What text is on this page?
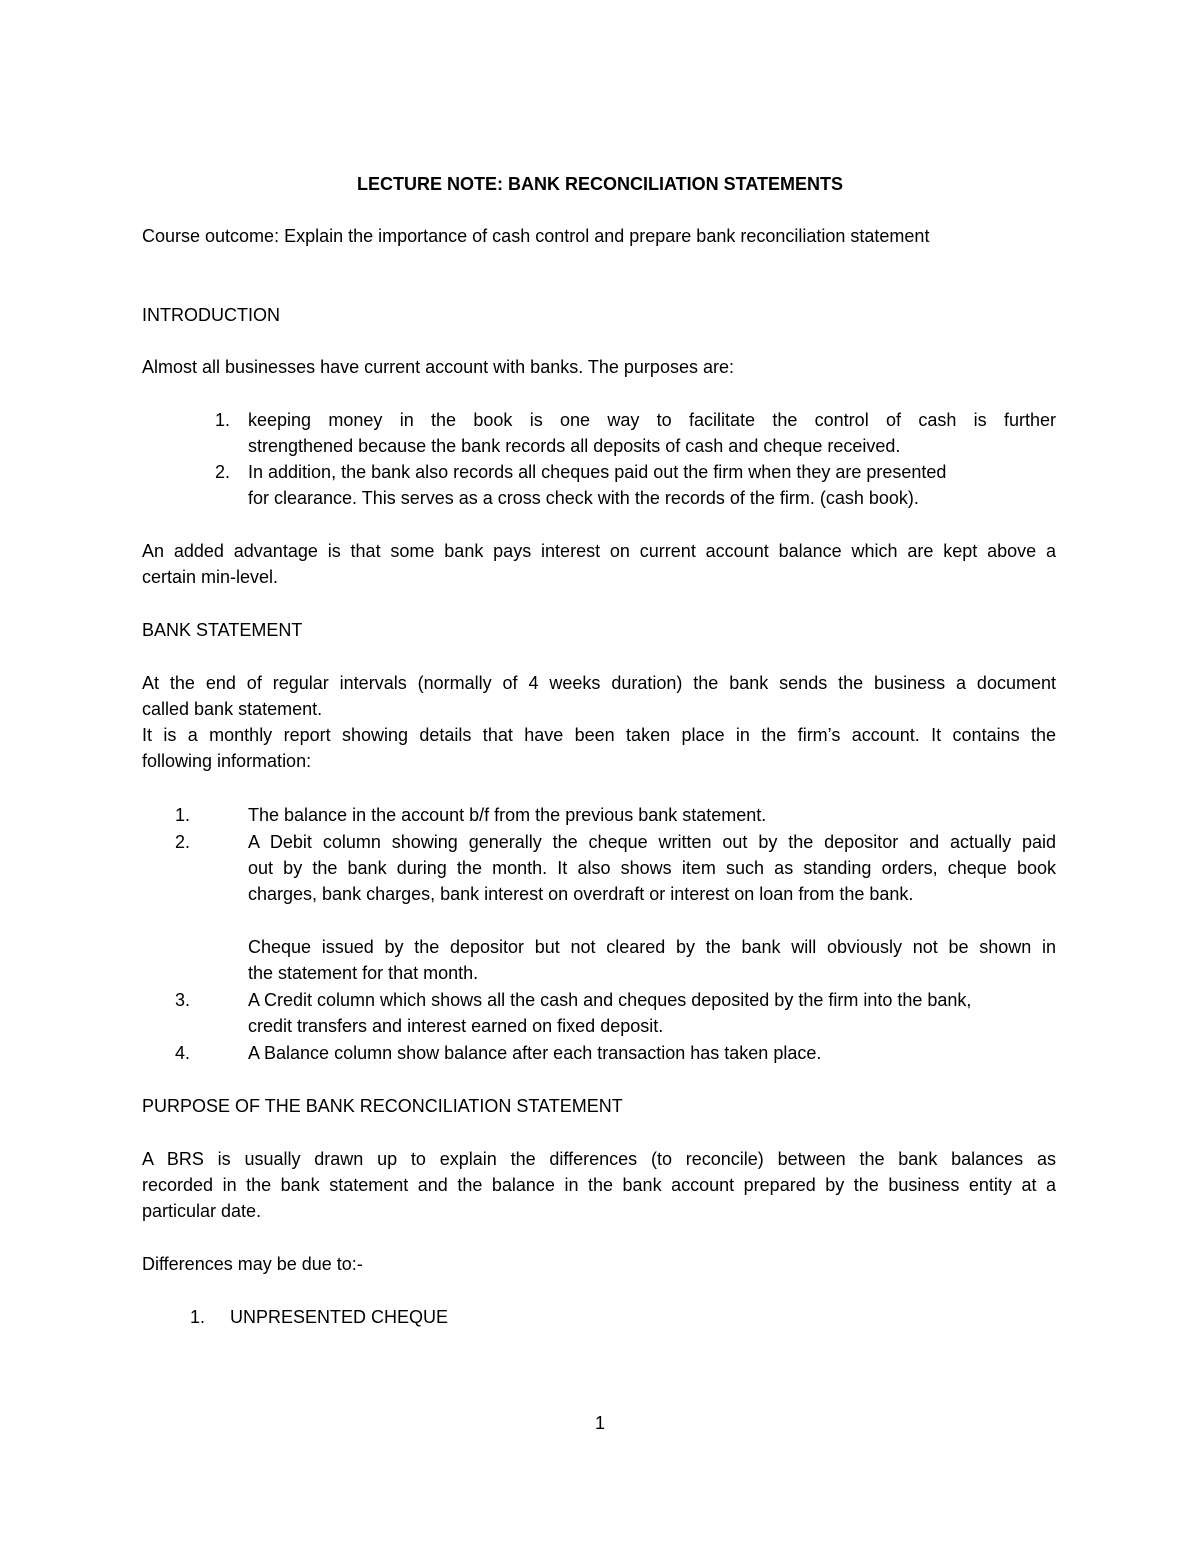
LECTURE NOTE: BANK RECONCILIATION STATEMENTS
Course outcome: Explain the importance of cash control and prepare bank reconciliation statement
INTRODUCTION
Almost all businesses have current account with banks. The purposes are:
1. keeping money in the book is one way to facilitate the control of cash is further
strengthened because the bank records all deposits of cash and cheque received.
2. In addition, the bank also records all cheques paid out the firm when they are presented
for clearance. This serves as a cross check with the records of the firm. (cash book).
An added advantage is that some bank pays interest on current account balance which are kept above a
certain min-level.
BANK STATEMENT
At the end of regular intervals (normally of 4 weeks duration) the bank sends the business a document
called bank statement.
It is a monthly report showing details that have been taken place in the firm’s account. It contains the
following information:
1.	The balance in the account b/f from the previous bank statement.
2.	A Debit column showing generally the cheque written out by the depositor and actually paid
out by the bank during the month. It also shows item such as standing orders, cheque book
charges, bank charges, bank interest on overdraft or interest on loan from the bank.
Cheque issued by the depositor but not cleared by the bank will obviously not be shown in
the statement for that month.
3.	A Credit column which shows all the cash and cheques deposited by the firm into the bank,
credit transfers and interest earned on fixed deposit.
4.	A Balance column show balance after each transaction has taken place.
PURPOSE OF THE BANK RECONCILIATION STATEMENT
A BRS is usually drawn up to explain the differences (to reconcile) between the bank balances as
recorded in the bank statement and the balance in the bank account prepared by the business entity at a
particular date.
Differences may be due to:-
1. UNPRESENTED CHEQUE
1
